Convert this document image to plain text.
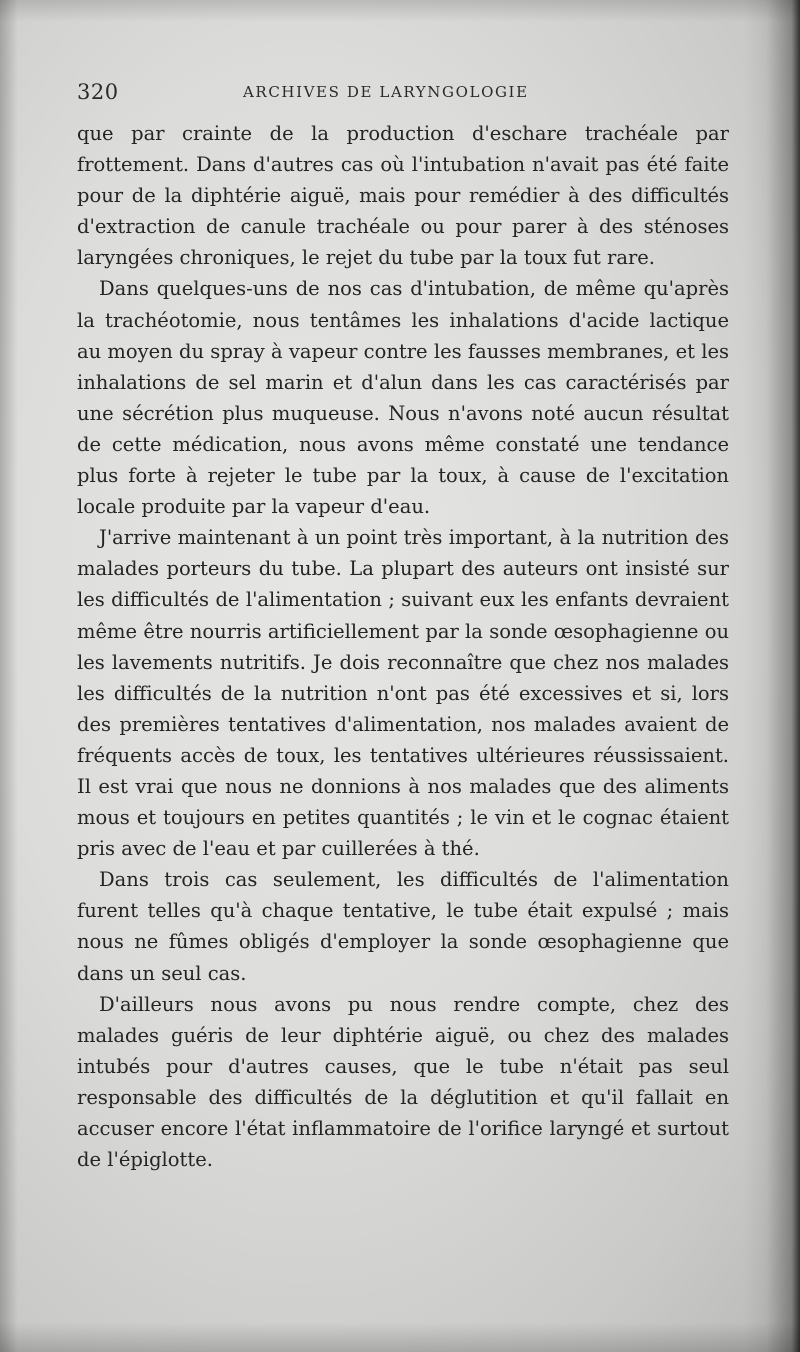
320	ARCHIVES DE LARYNGOLOGIE

que par crainte de la production d'eschare trachéale par frottement. Dans d'autres cas où l'intubation n'avait pas été faite pour de la diphtérie aiguë, mais pour remédier à des difficultés d'extraction de canule trachéale ou pour parer à des sténoses laryngées chroniques, le rejet du tube par la toux fut rare.

Dans quelques-uns de nos cas d'intubation, de même qu'après la trachéotomie, nous tentâmes les inhalations d'acide lactique au moyen du spray à vapeur contre les fausses membranes, et les inhalations de sel marin et d'alun dans les cas caractérisés par une sécrétion plus muqueuse. Nous n'avons noté aucun résultat de cette médication, nous avons même constaté une tendance plus forte à rejeter le tube par la toux, à cause de l'excitation locale produite par la vapeur d'eau.

J'arrive maintenant à un point très important, à la nutrition des malades porteurs du tube. La plupart des auteurs ont insisté sur les difficultés de l'alimentation ; suivant eux les enfants devraient même être nourris artificiellement par la sonde œsophagienne ou les lavements nutritifs. Je dois reconnaître que chez nos malades les difficultés de la nutrition n'ont pas été excessives et si, lors des premières tentatives d'alimentation, nos malades avaient de fréquents accès de toux, les tentatives ultérieures réussissaient. Il est vrai que nous ne donnions à nos malades que des aliments mous et toujours en petites quantités ; le vin et le cognac étaient pris avec de l'eau et par cuillerées à thé.

Dans trois cas seulement, les difficultés de l'alimentation furent telles qu'à chaque tentative, le tube était expulsé ; mais nous ne fûmes obligés d'employer la sonde œsophagienne que dans un seul cas.

D'ailleurs nous avons pu nous rendre compte, chez des malades guéris de leur diphtérie aiguë, ou chez des malades intubés pour d'autres causes, que le tube n'était pas seul responsable des difficultés de la déglutition et qu'il fallait en accuser encore l'état inflammatoire de l'orifice laryngé et surtout de l'épiglotte.
